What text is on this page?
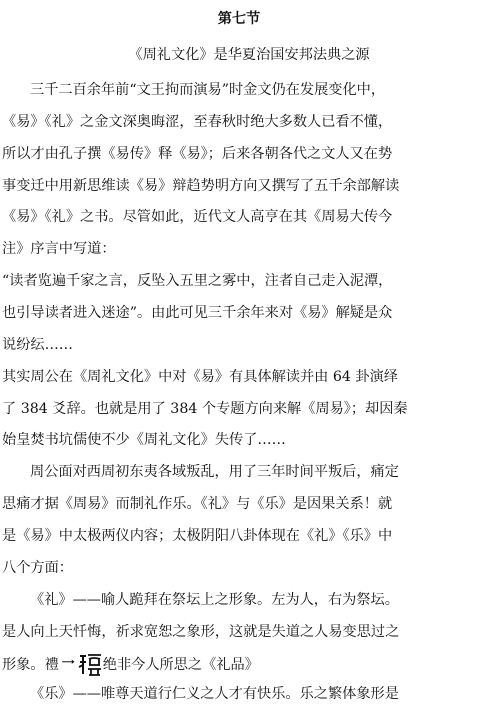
第七节
《周礼文化》是华夏治国安邦法典之源
三千二百余年前“文王拘而演易”时金文仍在发展变化中，
《易》《礼》之金文深奥晦涩，至春秋时绝大多数人已看不懂，
所以才由孔子撰《易传》释《易》；后来各朝各代之文人又在势
事变迁中用新思维读《易》辩趋势明方向又撰写了五千余部解读
《易》《礼》之书。尽管如此，近代文人高亨在其《周易大传今
注》序言中写道：
“读者览遍千家之言，反坠入五里之雾中，注者自己走入泥潭，
也引导读者进入迷途”。由此可见三千余年来对《易》解疑是众
说纷纭……
其实周公在《周礼文化》中对《易》有具体解读并由 64 卦演绎
了 384 爻辞。也就是用了 384 个专题方向来解《周易》；却因秦
始皇焚书坑儒使不少《周礼文化》失传了……
周公面对西周初东夷各域叛乱，用了三年时间平叛后，痛定
思痛才据《周易》而制礼作乐。《礼》与《乐》是因果关系！就
是《易》中太极两仪内容；太极阴阳八卦体现在《礼》《乐》中
八个方面：
《礼》——喻人跪拜在祭坛上之形象。左为人，右为祭坛。
是人向上天忏悔，祈求宽恕之象形，这就是失道之人易变思过之
形象。禮	绝非今人所思之《礼品》
《乐》——唯尊天道行仁义之人才有快乐。乐之繁体象形是
